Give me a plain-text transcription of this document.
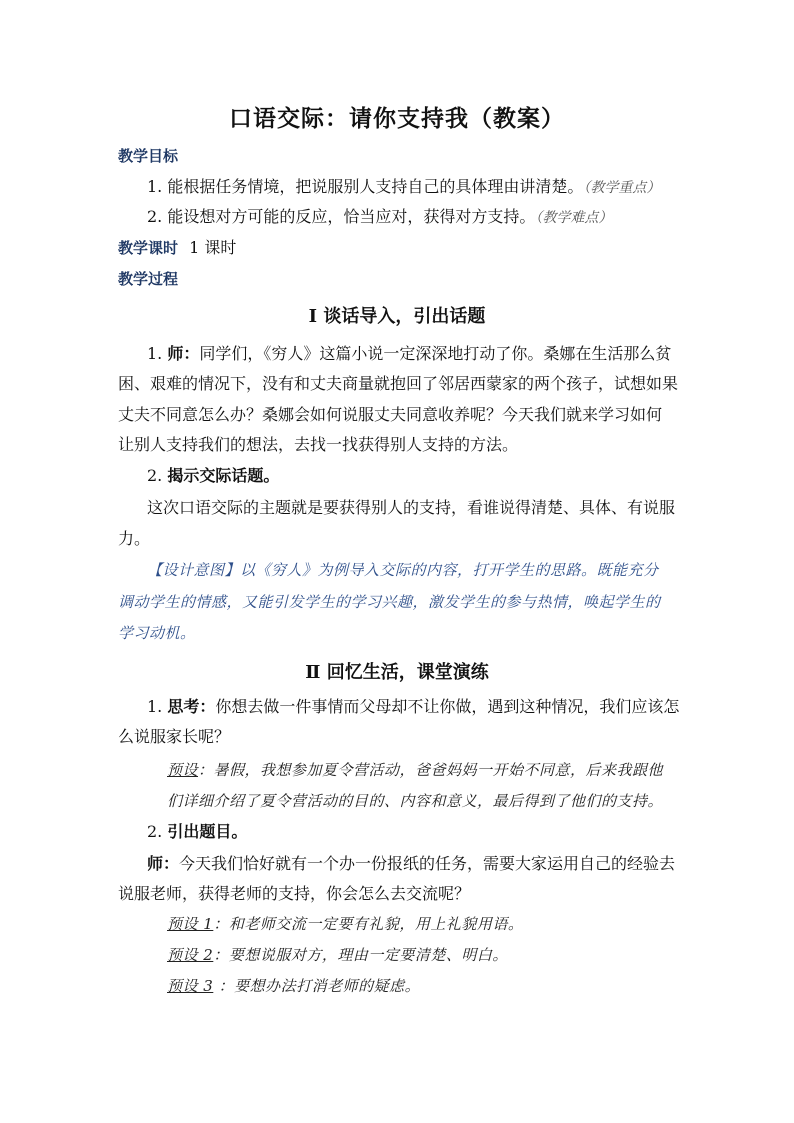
口语交际：请你支持我（教案）
教学目标
1. 能根据任务情境，把说服别人支持自己的具体理由讲清楚。（教学重点）
2. 能设想对方可能的反应，恰当应对，获得对方支持。（教学难点）
教学课时 1 课时
教学过程
Ⅰ 谈话导入，引出话题
1. 师：同学们，《穷人》这篇小说一定深深地打动了你。桑娜在生活那么贫
困、艰难的情况下，没有和丈夫商量就抱回了邻居西蒙家的两个孩子，试想如果
丈夫不同意怎么办？桑娜会如何说服丈夫同意收养呢？今天我们就来学习如何
让别人支持我们的想法，去找一找获得别人支持的方法。
2. 揭示交际话题。
这次口语交际的主题就是要获得别人的支持，看谁说得清楚、具体、有说服
力。
【设计意图】以《穷人》为例导入交际的内容，打开学生的思路。既能充分
调动学生的情感，又能引发学生的学习兴趣，激发学生的参与热情，唤起学生的
学习动机。
Ⅱ 回忆生活，课堂演练
1. 思考：你想去做一件事情而父母却不让你做，遇到这种情况，我们应该怎
么说服家长呢？
预设：暑假，我想参加夏令营活动，爸爸妈妈一开始不同意，后来我跟他
们详细介绍了夏令营活动的目的、内容和意义，最后得到了他们的支持。
2. 引出题目。
师：今天我们恰好就有一个办一份报纸的任务，需要大家运用自己的经验去
说服老师，获得老师的支持，你会怎么去交流呢？
预设 1：和老师交流一定要有礼貌，用上礼貌用语。
预设 2：要想说服对方，理由一定要清楚、明白。
预设 3 ：要想办法打消老师的疑虑。
